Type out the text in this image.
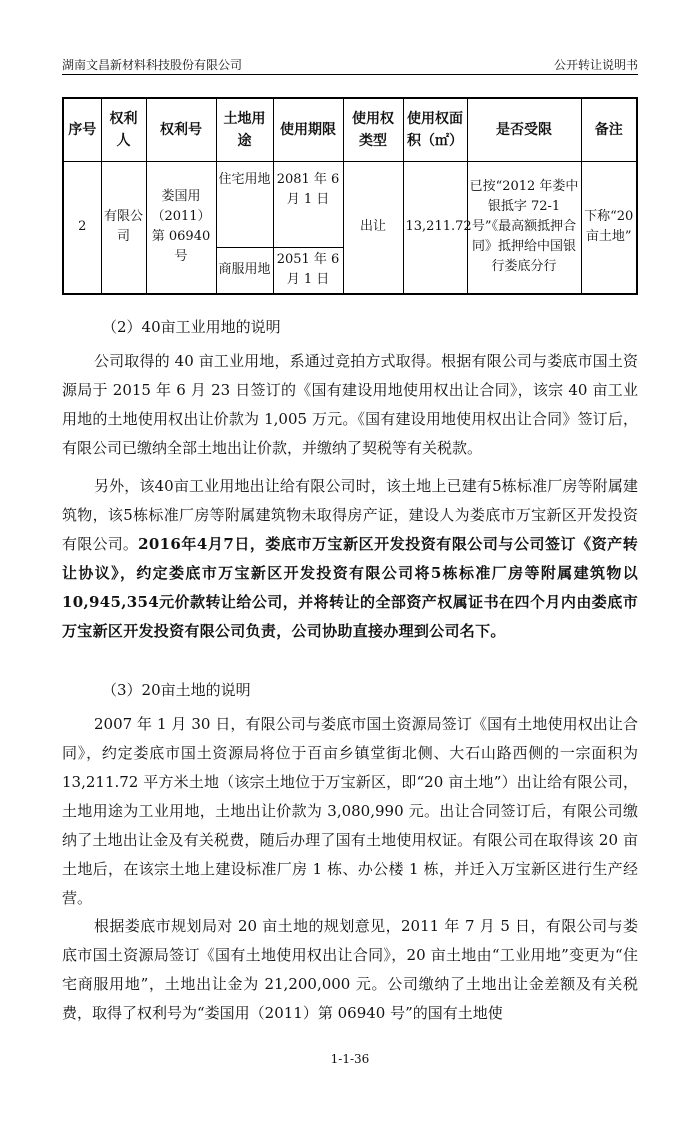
湖南文昌新材料科技股份有限公司	公开转让说明书
序号	权利人	权利号	土地用途	使用期限	使用权类型	使用权面积（㎡）	是否受限	备注
2	有限公司	娄国用（2011）第 06940 号	住宅用地	2081 年 6 月 1 日	出让	13,211.72	已按“2012 年娄中银抵字 72-1 号”《最高额抵押合同》抵押给中国银行娄底分行	下称“20 亩土地”
			商服用地	2051 年 6 月 1 日				

（2）40亩工业用地的说明

公司取得的 40 亩工业用地，系通过竞拍方式取得。根据有限公司与娄底市国土资源局于 2015 年 6 月 23 日签订的《国有建设用地使用权出让合同》，该宗 40 亩工业用地的土地使用权出让价款为 1,005 万元。《国有建设用地使用权出让合同》签订后，有限公司已缴纳全部土地出让价款，并缴纳了契税等有关税款。

另外，该40亩工业用地出让给有限公司时，该土地上已建有5栋标准厂房等附属建筑物，该5栋标准厂房等附属建筑物未取得房产证，建设人为娄底市万宝新区开发投资有限公司。2016年4月7日，娄底市万宝新区开发投资有限公司与公司签订《资产转让协议》，约定娄底市万宝新区开发投资有限公司将5栋标准厂房等附属建筑物以10,945,354元价款转让给公司，并将转让的全部资产权属证书在四个月内由娄底市万宝新区开发投资有限公司负责，公司协助直接办理到公司名下。

（3）20亩土地的说明

2007 年 1 月 30 日，有限公司与娄底市国土资源局签订《国有土地使用权出让合同》，约定娄底市国土资源局将位于百亩乡镇堂街北侧、大石山路西侧的一宗面积为 13,211.72 平方米土地（该宗土地位于万宝新区，即“20 亩土地”）出让给有限公司，土地用途为工业用地，土地出让价款为 3,080,990 元。出让合同签订后，有限公司缴纳了土地出让金及有关税费，随后办理了国有土地使用权证。有限公司在取得该 20 亩土地后，在该宗土地上建设标准厂房 1 栋、办公楼 1 栋，并迁入万宝新区进行生产经营。

根据娄底市规划局对 20 亩土地的规划意见，2011 年 7 月 5 日，有限公司与娄底市国土资源局签订《国有土地使用权出让合同》，20 亩土地由“工业用地”变更为“住宅商服用地”，土地出让金为 21,200,000 元。公司缴纳了土地出让金差额及有关税费，取得了权利号为“娄国用（2011）第 06940 号”的国有土地使

1-1-36
